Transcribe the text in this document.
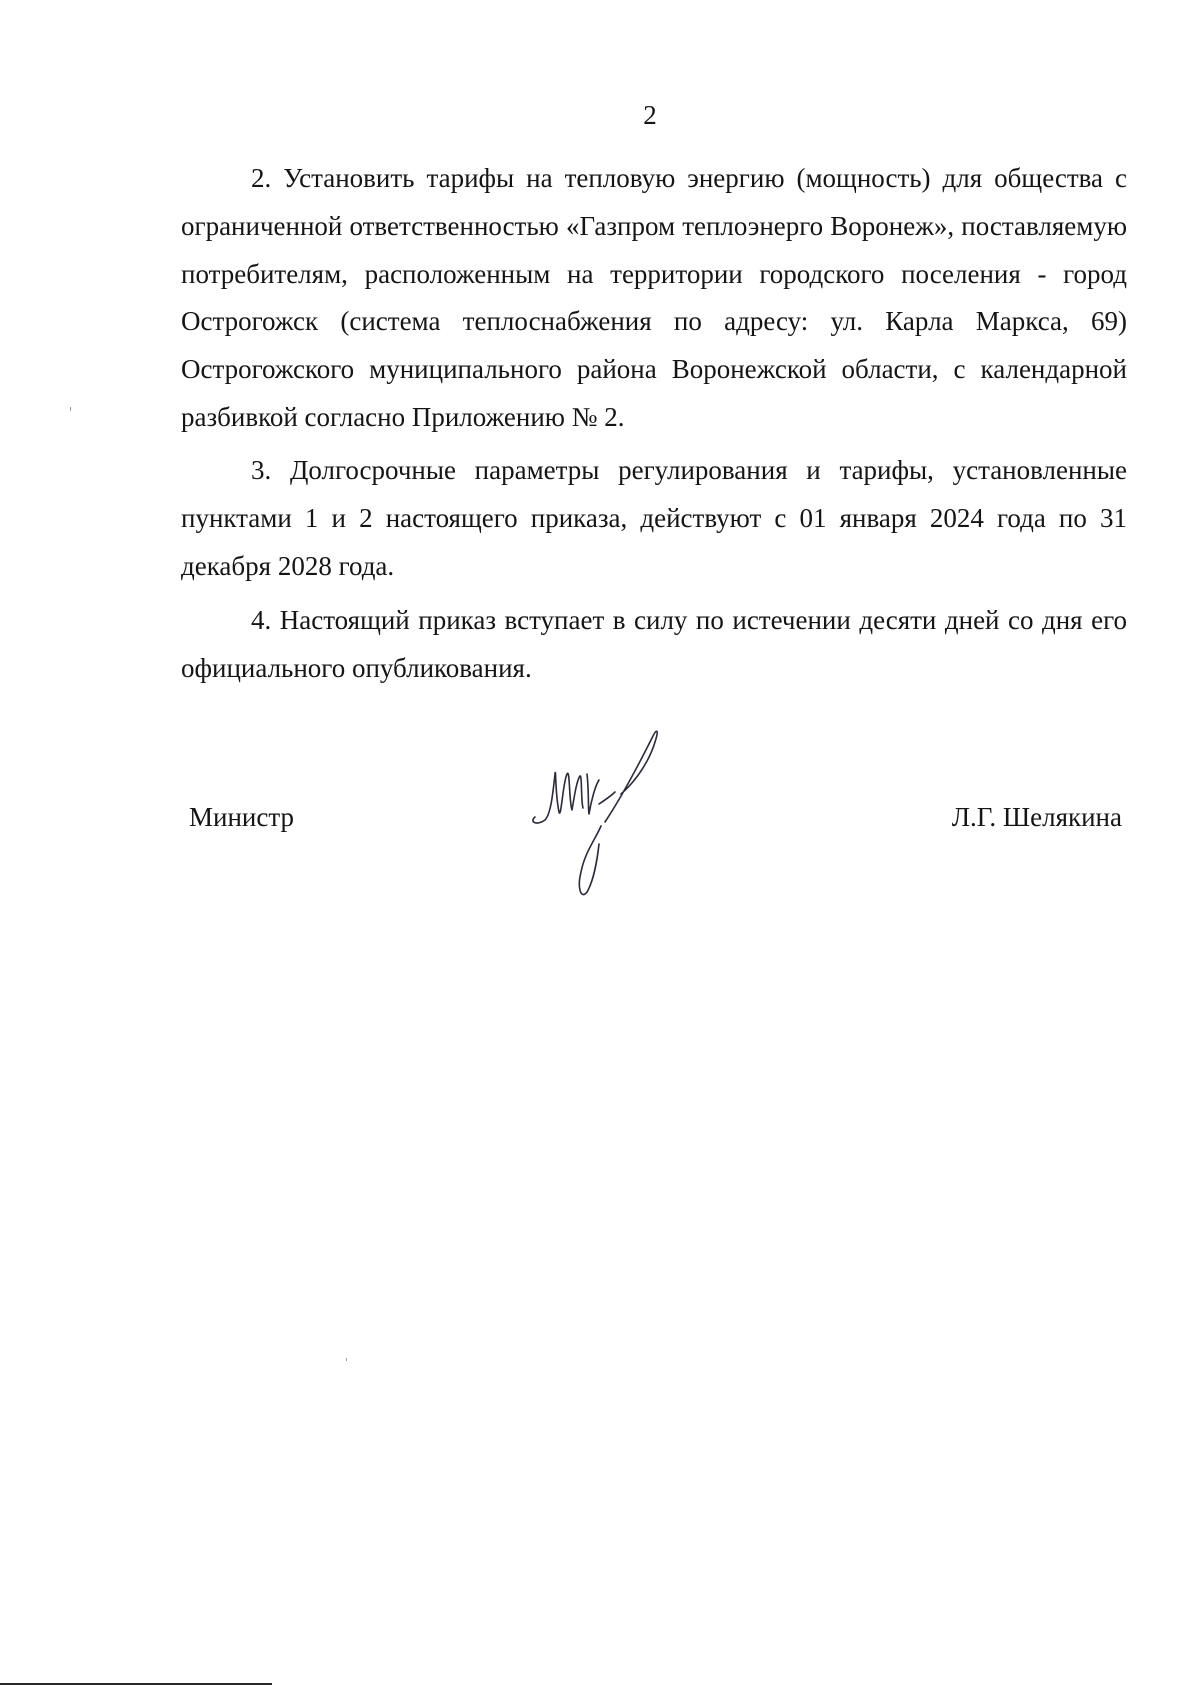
2

2. Установить тарифы на тепловую энергию (мощность) для общества с ограниченной ответственностью «Газпром теплоэнерго Воронеж», поставляемую потребителям, расположенным на территории городского поселения - город Острогожск (система теплоснабжения по адресу: ул. Карла Маркса, 69) Острогожского муниципального района Воронежской области, с календарной разбивкой согласно Приложению № 2.

3. Долгосрочные параметры регулирования и тарифы, установленные пунктами 1 и 2 настоящего приказа, действуют с 01 января 2024 года по 31 декабря 2028 года.

4. Настоящий приказ вступает в силу по истечении десяти дней со дня его официального опубликования.

Министр	Л.Г. Шелякина
